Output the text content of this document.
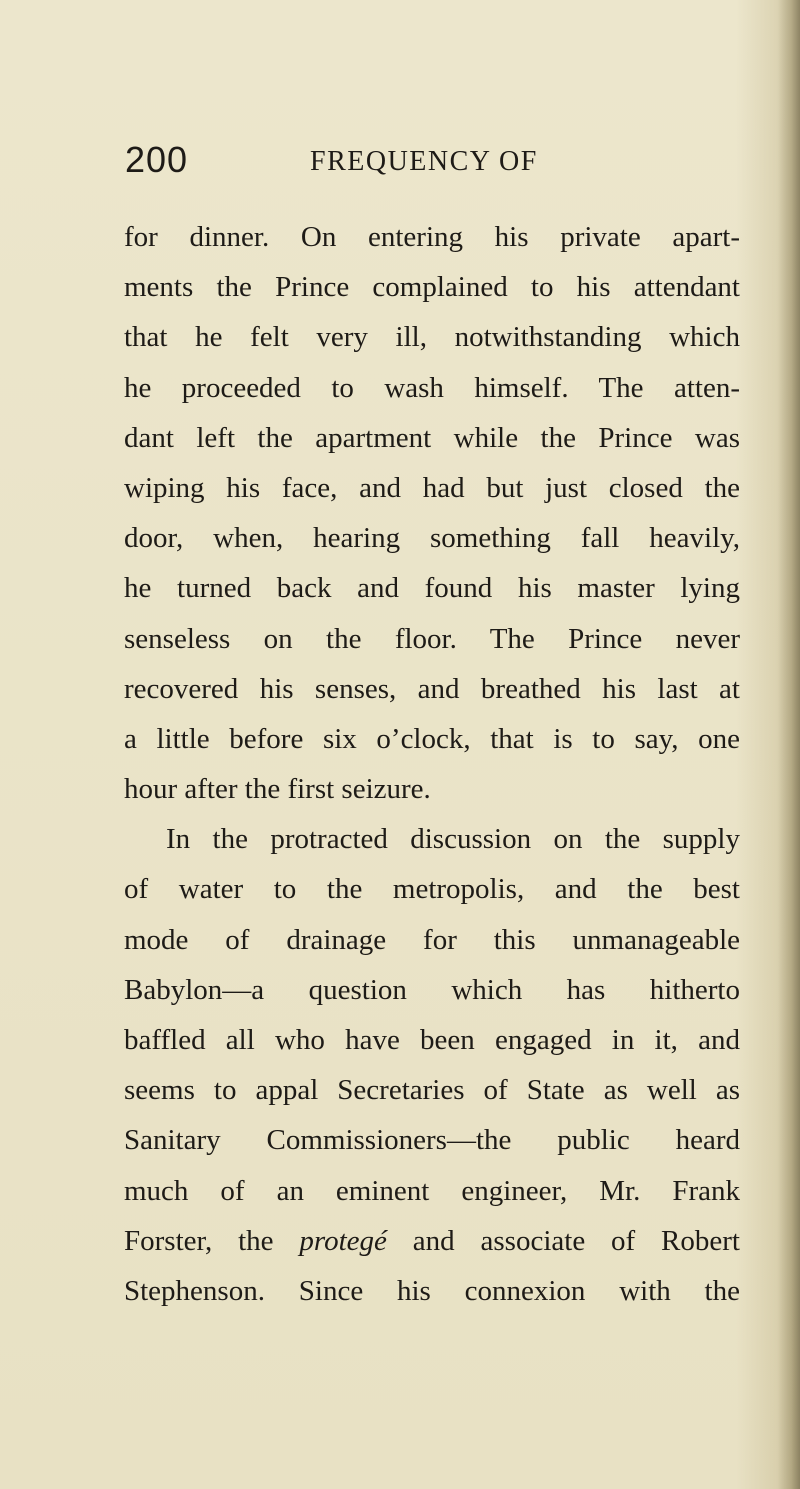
200	FREQUENCY OF
for dinner. On entering his private apart-
ments the Prince complained to his attendant
that he felt very ill, notwithstanding which
he proceeded to wash himself. The atten-
dant left the apartment while the Prince was
wiping his face, and had but just closed the
door, when, hearing something fall heavily,
he turned back and found his master lying
senseless on the floor. The Prince never
recovered his senses, and breathed his last at
a little before six o’clock, that is to say, one
hour after the first seizure.
In the protracted discussion on the supply
of water to the metropolis, and the best
mode of drainage for this unmanageable
Babylon—a question which has hitherto
baffled all who have been engaged in it, and
seems to appal Secretaries of State as well as
Sanitary Commissioners—the public heard
much of an eminent engineer, Mr. Frank
Forster, the protegé and associate of Robert
Stephenson. Since his connexion with the
